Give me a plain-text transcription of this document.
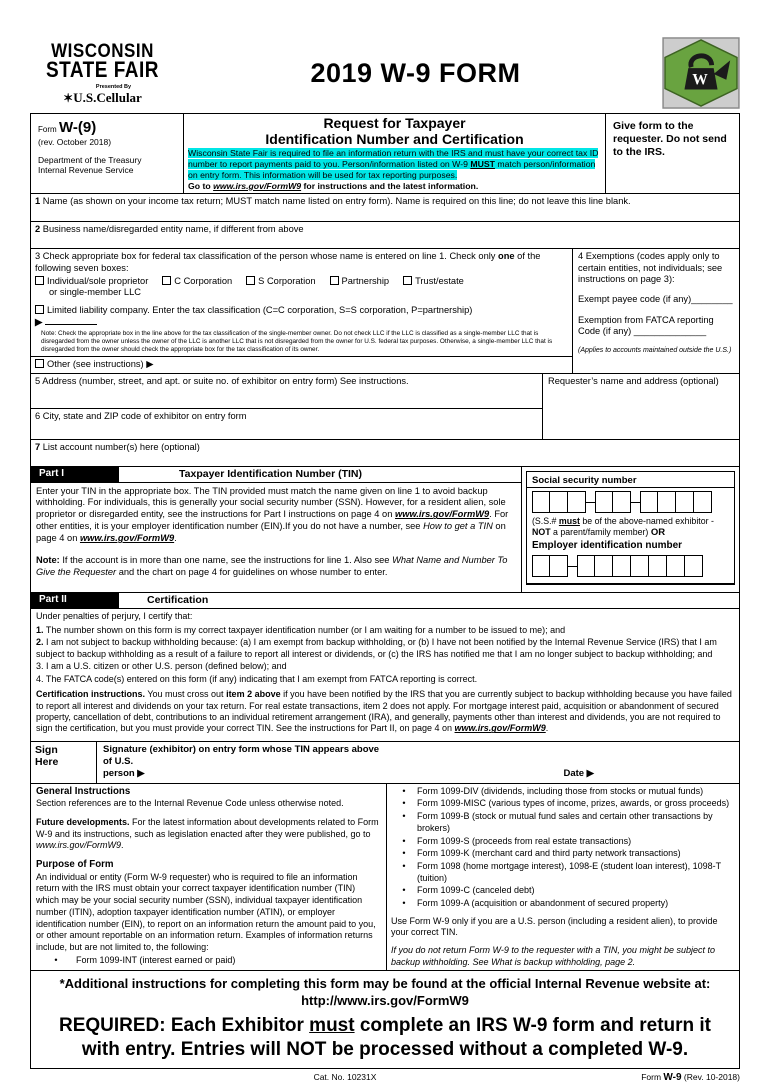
WISCONSIN
STATE FAIR
Presented By
✶U.S.Cellular
2019 W-9 FORM	W
Form W-(9)
(rev. October 2018)
Department of the Treasury
Internal Revenue Service
Request for Taxpayer
Identification Number and Certification
Wisconsin State Fair is required to file an information return with the IRS and must have your correct tax ID number to report payments paid to you. Person/information listed on W-9 MUST match person/information on entry form. This information will be used for tax reporting purposes.
Go to www.irs.gov/FormW9 for instructions and the latest information.
Give form to the requester. Do not send to the IRS.
1 Name (as shown on your income tax return; MUST match name listed on entry form). Name is required on this line; do not leave this line blank.
2 Business name/disregarded entity name, if different from above
3 Check appropriate box for federal tax classification of the person whose name is entered on line 1. Check only one of the following seven boxes:
Individual/sole proprietor	C Corporation	S Corporation	Partnership	Trust/estate
or single-member LLC
Limited liability company. Enter the tax classification (C=C corporation, S=S corporation, P=partnership)
▶
Note: Check the appropriate box in the line above for the tax classification of the single-member owner. Do not check LLC if the LLC is classified as a single-member LLC that is disregarded from the owner unless the owner of the LLC is another LLC that is not disregarded from the owner for U.S. federal tax purposes. Otherwise, a single-member LLC that is disregarded from the owner should check the appropriate box for the tax classification of its owner.
Other (see instructions) ▶

4 Exemptions (codes apply only to certain entities, not individuals; see instructions on page 3):

Exempt payee code (if any)________

Exemption from FATCA reporting Code (if any) ______________

(Applies to accounts maintained outside the U.S.)
5 Address (number, street, and apt. or suite no. of exhibitor on entry form) See instructions.
6 City, state and ZIP code of exhibitor on entry form
Requester’s name and address (optional)
7 List account number(s) here (optional)
Part I	Taxpayer Identification Number (TIN)

Enter your TIN in the appropriate box. The TIN provided must match the name given on line 1 to avoid backup withholding. For individuals, this is generally your social security number (SSN). However, for a resident alien, sole proprietor or disregarded entity, see the instructions for Part I instructions on page 4 on www.irs.gov/FormW9. For other entities, it is your employer identification number (EIN).If you do not have a number, see How to get a TIN on page 4 on www.irs.gov/FormW9.

Note: If the account is in more than one name, see the instructions for line 1. Also see What Name and Number To Give the Requester and the chart on page 4 for guidelines on whose number to enter.

Social security number
(S.S.# must be of the above-named exhibitor - NOT a parent/family member) OR
Employer identification number
Part II	Certification

Under penalties of perjury, I certify that:

1. The number shown on this form is my correct taxpayer identification number (or I am waiting for a number to be issued to me); and
2. I am not subject to backup withholding because: (a) I am exempt from backup withholding, or (b) I have not been notified by the Internal Revenue Service (IRS) that I am subject to backup withholding as a result of a failure to report all interest or dividends, or (c) the IRS has notified me that I am no longer subject to backup withholding; and
3. I am a U.S. citizen or other U.S. person (defined below); and
4. The FATCA code(s) entered on this form (if any) indicating that I am exempt from FATCA reporting is correct.

Certification instructions. You must cross out item 2 above if you have been notified by the IRS that you are currently subject to backup withholding because you have failed to report all interest and dividends on your tax return. For real estate transactions, item 2 does not apply. For mortgage interest paid, acquisition or abandonment of secured property, cancellation of debt, contributions to an individual retirement arrangement (IRA), and generally, payments other than interest and dividends, you are not required to sign the certification, but you must provide your correct TIN. See the instructions for Part II, on page 4 on www.irs.gov/FormW9.

Sign
Here
Signature (exhibitor) on entry form whose TIN appears above
of U.S.
person ▶	Date ▶
General Instructions

Section references are to the Internal Revenue Code unless otherwise noted.

Future developments. For the latest information about developments related to Form W-9 and its instructions, such as legislation enacted after they were published, go to www.irs.gov/FormW9.

Purpose of Form

An individual or entity (Form W-9 requester) who is required to file an information return with the IRS must obtain your correct taxpayer identification number (TIN) which may be your social security number (SSN), individual taxpayer identification number (ITIN), adoption taxpayer identification number (ATIN), or employer identification number (EIN), to report on an information return the amount paid to you, or other amount reportable on an information return. Examples of information returns include, but are not limited to, the following:

•	Form 1099-INT (interest earned or paid)
•	Form 1099-DIV (dividends, including those from stocks or mutual funds)
•	Form 1099-MISC (various types of income, prizes, awards, or gross proceeds)
•	Form 1099-B (stock or mutual fund sales and certain other transactions by brokers)
•	Form 1099-S (proceeds from real estate transactions)
•	Form 1099-K (merchant card and third party network transactions)
•	Form 1098 (home mortgage interest), 1098-E (student loan interest), 1098-T (tuition)
•	Form 1099-C (canceled debt)
•	Form 1099-A (acquisition or abandonment of secured property)

Use Form W-9 only if you are a U.S. person (including a resident alien), to provide your correct TIN.

If you do not return Form W-9 to the requester with a TIN, you might be subject to backup withholding. See What is backup withholding, page 2.

*Additional instructions for completing this form may be found at the official Internal Revenue website at:
http://www.irs.gov/FormW9
REQUIRED: Each Exhibitor must complete an IRS W-9 form and return it with entry. Entries will NOT be processed without a completed W-9.
Cat. No. 10231X	Form W-9 (Rev. 10-2018)
